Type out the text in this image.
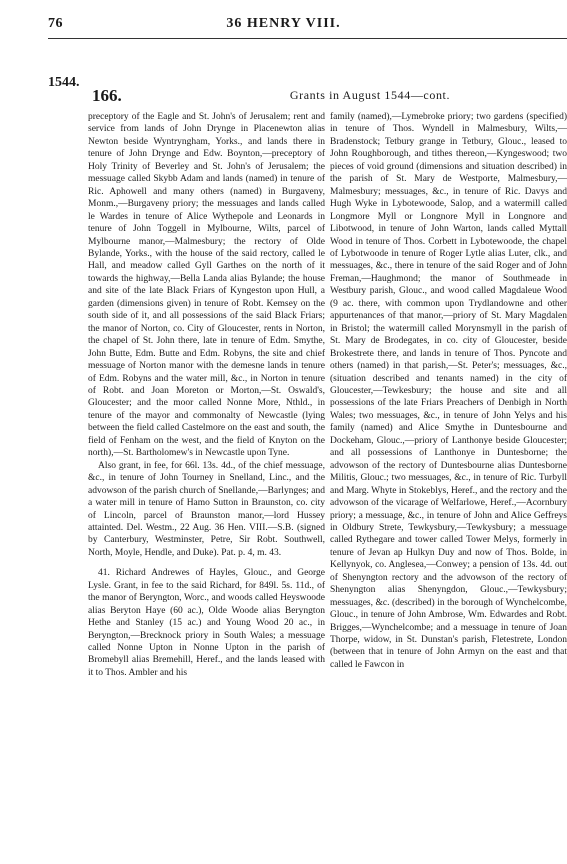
76	36 HENRY VIII.
1544.
166.	Grants in August 1544—cont.

preceptory of the Eagle and St. John's of Jerusalem; rent and service from lands of John Drynge in Placenewton alias Newton beside Wyntryngham, Yorks., and lands there in tenure of John Drynge and Edw. Boynton,—preceptory of Holy Trinity of Beverley and St. John's of Jerusalem; the messuage called Skybb Adam and lands (named) in tenure of Ric. Aphowell and many others (named) in Burgaveny, Monm.,—Burgaveny priory; the messuages and lands called le Wardes in tenure of Alice Wythepole and Leonards in tenure of John Toggell in Mylbourne, Wilts, parcel of Mylbourne manor,—Malmesbury; the rectory of Olde Bylande, Yorks., with the house of the said rectory, called le Hall, and meadow called Gyll Garthes on the north of it towards the highway,—Bella Landa alias Bylande; the house and site of the late Black Friars of Kyngeston upon Hull, a garden (dimensions given) in tenure of Robt. Kemsey on the south side of it, and all possessions of the said Black Friars; the manor of Norton, co. City of Gloucester, rents in Norton, the chapel of St. John there, late in tenure of Edm. Smythe, John Butte, Edm. Butte and Edm. Robyns, the site and chief messuage of Norton manor with the demesne lands in tenure of Edm. Robyns and the water mill, &c., in Norton in tenure of Robt. and Joan Moreton or Morton,—St. Oswald's, Gloucester; and the moor called Nonne More, Nthld., in tenure of the mayor and commonalty of Newcastle (lying between the field called Castelmore on the east and south, the field of Fenham on the west, and the field of Knyton on the north),—St. Bartholomew's in Newcastle upon Tyne.

Also grant, in fee, for 66l. 13s. 4d., of the chief messuage, &c., in tenure of John Tourney in Snelland, Linc., and the advowson of the parish church of Snellande,—Barlynges; and a water mill in tenure of Hamo Sutton in Braunston, co. city of Lincoln, parcel of Braunston manor,—lord Hussey attainted. Del. Westm., 22 Aug. 36 Hen. VIII.—S.B. (signed by Canterbury, Westminster, Petre, Sir Robt. Southwell, North, Moyle, Hendle, and Duke). Pat. p. 4, m. 43.

41. Richard Andrewes of Hayles, Glouc., and George Lysle. Grant, in fee to the said Richard, for 849l. 5s. 11d., of the manor of Beryngton, Worc., and woods called Heyswoode alias Beryton Haye (60 ac.), Olde Woode alias Beryngton Hethe and Stanley (15 ac.) and Young Wood 20 ac., in Beryngton,—Brecknock priory in South Wales; a messuage called Nonne Upton in Nonne Upton in the parish of Bromebyll alias Bremehill, Heref., and the lands leased with it to Thos. Ambler and his

family (named),—Lymebroke priory; two gardens (specified) in tenure of Thos. Wyndell in Malmesbury, Wilts,—Bradenstock; Tetbury grange in Tetbury, Glouc., leased to John Roughborough, and tithes thereon,—Kyngeswood; two pieces of void ground (dimensions and situation described) in the parish of St. Mary de Westporte, Malmesbury,—Malmesbury; messuages, &c., in tenure of Ric. Davys and Hugh Wyke in Lybotewoode, Salop, and a watermill called Longmore Myll or Longnore Myll in Longnore and Libotwood, in tenure of John Warton, lands called Myttall Wood in tenure of Thos. Corbett in Lybotewoode, the chapel of Lybotwoode in tenure of Roger Lytle alias Luter, clk., and messuages, &c., there in tenure of the said Roger and of John Freman,—Haughmond; the manor of Southmeade in Westbury parish, Glouc., and wood called Magdaleue Wood (9 ac. there, with common upon Trydlandowne and other appurtenances of that manor,—priory of St. Mary Magdalen in Bristol; the watermill called Morynsmyll in the parish of St. Mary de Brodegates, in co. city of Gloucester, beside Brokestrete there, and lands in tenure of Thos. Pyncote and others (named) in that parish,—St. Peter's; messuages, &c., (situation described and tenants named) in the city of Gloucester,—Tewkesbury; the house and site and all possessions of the late Friars Preachers of Denbigh in North Wales; two messuages, &c., in tenure of John Yelys and his family (named) and Alice Smythe in Duntesbourne and Dockeham, Glouc.,—priory of Lanthonye beside Gloucester; and all possessions of Lanthonye in Duntesborne; the advowson of the rectory of Duntesbourne alias Duntesborne Militis, Glouc.; two messuages, &c., in tenure of Ric. Turbyll and Marg. Whyte in Stokeblys, Heref., and the rectory and the advowson of the vicarage of Welfarlowe, Heref.,—Acornbury priory; a messuage, &c., in tenure of John and Alice Geffreys in Oldbury Strete, Tewkysbury,—Tewkysbury; a messuage called Rythegare and tower called Tower Melys, formerly in tenure of Jevan ap Hulkyn Duy and now of Thos. Bolde, in Kellynyok, co. Anglesea,—Conwey; a pension of 13s. 4d. out of Shenyngton rectory and the advowson of the rectory of Shenyngton alias Shenyngdon, Glouc.,—Tewkysbury; messuages, &c. (described) in the borough of Wynchelcombe, Glouc., in tenure of John Ambrose, Wm. Edwardes and Robt. Brigges,—Wynchelcombe; and a messuage in tenure of Joan Thorpe, widow, in St. Dunstan's parish, Fletestrete, London (between that in tenure of John Armyn on the east and that called le Fawcon in
